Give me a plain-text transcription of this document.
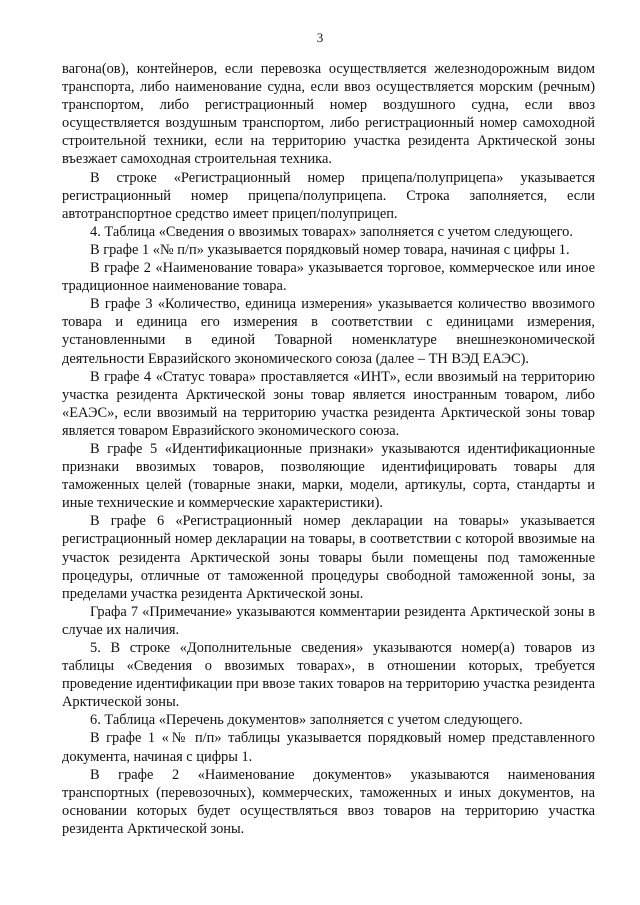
3

вагона(ов), контейнеров, если перевозка осуществляется железнодорожным видом транспорта, либо наименование судна, если ввоз осуществляется морским (речным) транспортом, либо регистрационный номер воздушного судна, если ввоз осуществляется воздушным транспортом, либо регистрационный номер самоходной строительной техники, если на территорию участка резидента Арктической зоны въезжает самоходная строительная техника.

В строке «Регистрационный номер прицепа/полуприцепа» указывается регистрационный номер прицепа/полуприцепа. Строка заполняется, если автотранспортное средство имеет прицеп/полуприцеп.

4. Таблица «Сведения о ввозимых товарах» заполняется с учетом следующего.

В графе 1 «№ п/п» указывается порядковый номер товара, начиная с цифры 1.

В графе 2 «Наименование товара» указывается торговое, коммерческое или иное традиционное наименование товара.

В графе 3 «Количество, единица измерения» указывается количество ввозимого товара и единица его измерения в соответствии с единицами измерения, установленными в единой Товарной номенклатуре внешнеэкономической деятельности Евразийского экономического союза (далее – ТН ВЭД ЕАЭС).

В графе 4 «Статус товара» проставляется «ИНТ», если ввозимый на территорию участка резидента Арктической зоны товар является иностранным товаром, либо «ЕАЭС», если ввозимый на территорию участка резидента Арктической зоны товар является товаром Евразийского экономического союза.

В графе 5 «Идентификационные признаки» указываются идентификационные признаки ввозимых товаров, позволяющие идентифицировать товары для таможенных целей (товарные знаки, марки, модели, артикулы, сорта, стандарты и иные технические и коммерческие характеристики).

В графе 6 «Регистрационный номер декларации на товары» указывается регистрационный номер декларации на товары, в соответствии с которой ввозимые на участок резидента Арктической зоны товары были помещены под таможенные процедуры, отличные от таможенной процедуры свободной таможенной зоны, за пределами участка резидента Арктической зоны.

Графа 7 «Примечание» указываются комментарии резидента Арктической зоны в случае их наличия.

5. В строке «Дополнительные сведения» указываются номер(а) товаров из таблицы «Сведения о ввозимых товарах», в отношении которых, требуется проведение идентификации при ввозе таких товаров на территорию участка резидента Арктической зоны.

6. Таблица «Перечень документов» заполняется с учетом следующего.

В графе 1 «№ п/п» таблицы указывается порядковый номер представленного документа, начиная с цифры 1.

В графе 2 «Наименование документов» указываются наименования транспортных (перевозочных), коммерческих, таможенных и иных документов, на основании которых будет осуществляться ввоз товаров на территорию участка резидента Арктической зоны.
